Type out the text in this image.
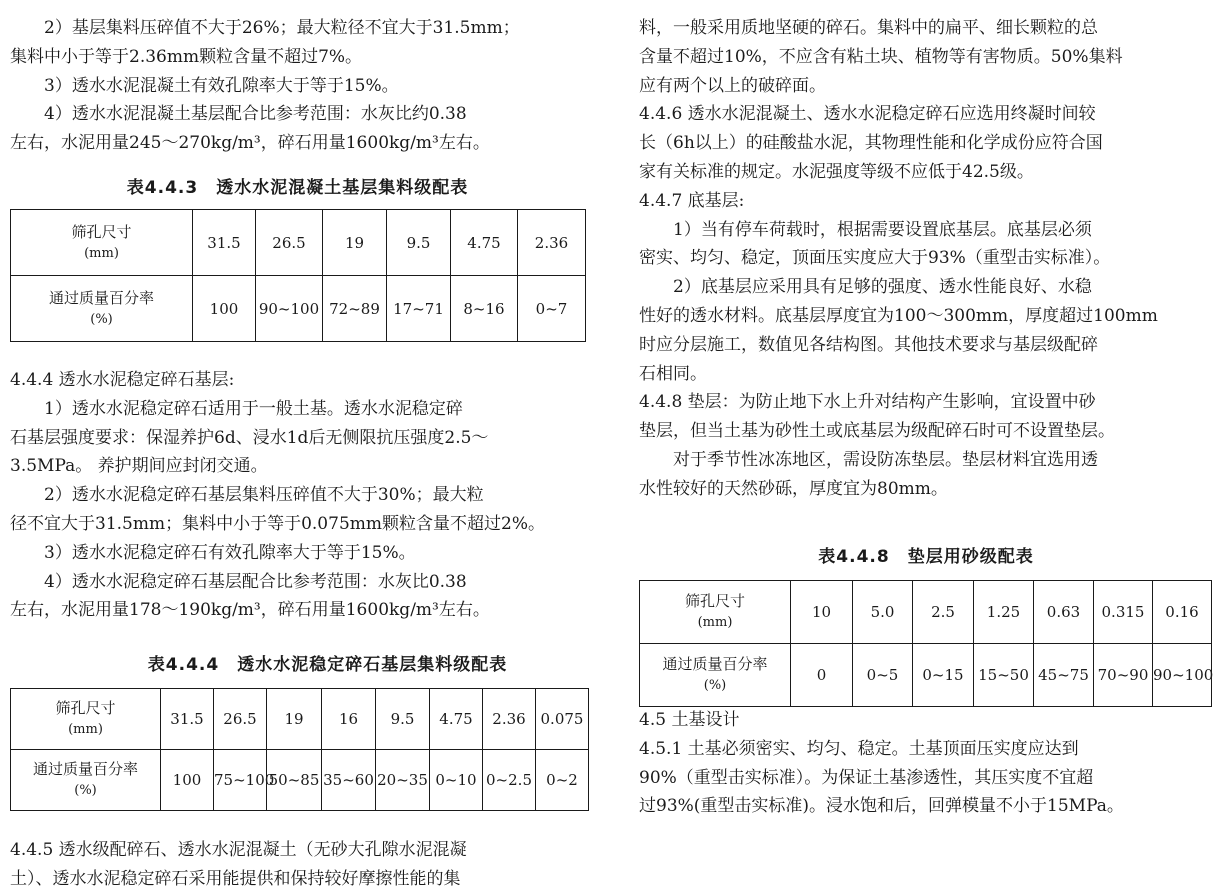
2）基层集料压碎值不大于26%；最大粒径不宜大于31.5mm；

集料中小于等于2.36mm颗粒含量不超过7%。

3）透水水泥混凝土有效孔隙率大于等于15%。

4）透水水泥混凝土基层配合比参考范围：水灰比约0.38

左右，水泥用量245～270kg/m³，碎石用量1600kg/m³左右。

表4.4.3　透水水泥混凝土基层集料级配表
筛孔尺寸
(mm)	31.5	26.5	19	9.5	4.75	2.36
通过质量百分率
(%)	100	90~100	72~89	17~71	8~16	0~7

4.4.4 透水水泥稳定碎石基层:

1）透水水泥稳定碎石适用于一般土基。透水水泥稳定碎

石基层强度要求：保湿养护6d、浸水1d后无侧限抗压强度2.5～

3.5MPa。 养护期间应封闭交通。

2）透水水泥稳定碎石基层集料压碎值不大于30%；最大粒

径不宜大于31.5mm；集料中小于等于0.075mm颗粒含量不超过2%。

3）透水水泥稳定碎石有效孔隙率大于等于15%。

4）透水水泥稳定碎石基层配合比参考范围：水灰比0.38

左右，水泥用量178～190kg/m³，碎石用量1600kg/m³左右。

表4.4.4　透水水泥稳定碎石基层集料级配表
筛孔尺寸
(mm)	31.5	26.5	19	16	9.5	4.75	2.36	0.075
通过质量百分率
(%)	100	75~100	50~85	35~60	20~35	0~10	0~2.5	0~2

4.4.5 透水级配碎石、透水水泥混凝土（无砂大孔隙水泥混凝

土）、透水水泥稳定碎石采用能提供和保持较好摩擦性能的集

料，一般采用质地坚硬的碎石。集料中的扁平、细长颗粒的总

含量不超过10%，不应含有粘土块、植物等有害物质。50%集料

应有两个以上的破碎面。

4.4.6 透水水泥混凝土、透水水泥稳定碎石应选用终凝时间较

长（6h以上）的硅酸盐水泥，其物理性能和化学成份应符合国

家有关标准的规定。水泥强度等级不应低于42.5级。

4.4.7 底基层:

1）当有停车荷载时，根据需要设置底基层。底基层必须

密实、均匀、稳定，顶面压实度应大于93%（重型击实标准）。

2）底基层应采用具有足够的强度、透水性能良好、水稳

性好的透水材料。底基层厚度宜为100～300mm，厚度超过100mm

时应分层施工，数值见各结构图。其他技术要求与基层级配碎

石相同。

4.4.8 垫层：为防止地下水上升对结构产生影响，宜设置中砂

垫层，但当土基为砂性土或底基层为级配碎石时可不设置垫层。

对于季节性冰冻地区，需设防冻垫层。垫层材料宜选用透

水性较好的天然砂砾，厚度宜为80mm。

表4.4.8　垫层用砂级配表
筛孔尺寸
(mm)	10	5.0	2.5	1.25	0.63	0.315	0.16
通过质量百分率
(%)	0	0~5	0~15	15~50	45~75	70~90	90~100

4.5 土基设计

4.5.1 土基必须密实、均匀、稳定。土基顶面压实度应达到

90%（重型击实标准）。为保证土基渗透性，其压实度不宜超

过93%(重型击实标准)。浸水饱和后，回弹模量不小于15MPa。
